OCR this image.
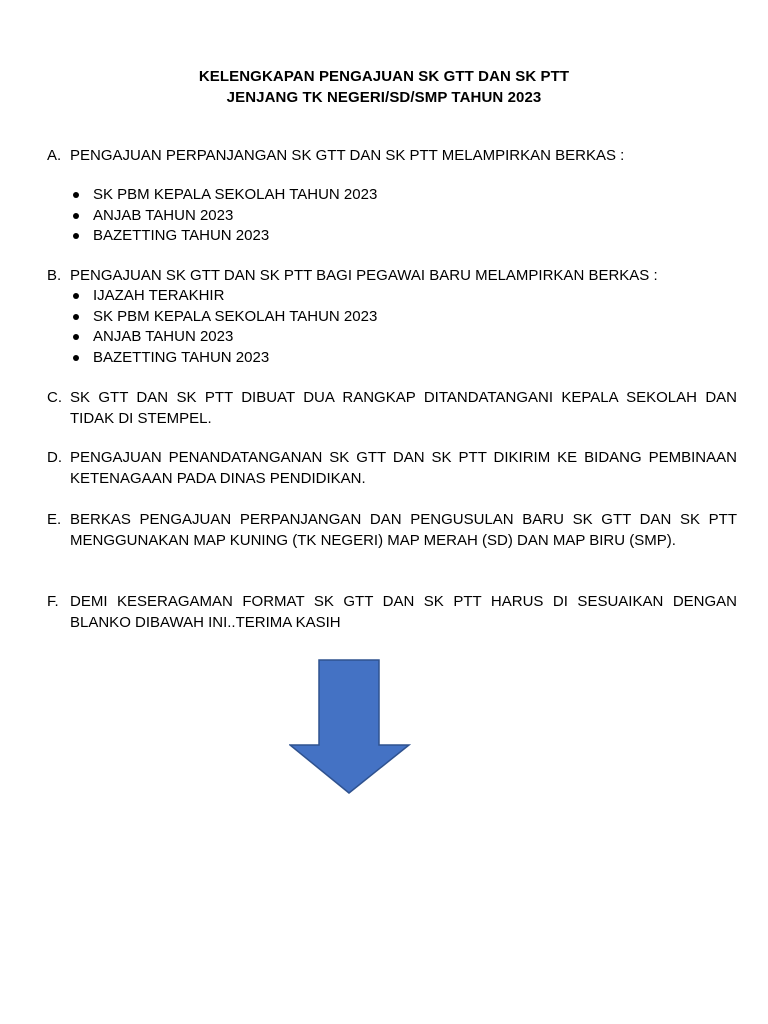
KELENGKAPAN PENGAJUAN SK GTT DAN SK PTT
JENJANG TK NEGERI/SD/SMP TAHUN 2023
A. PENGAJUAN PERPANJANGAN SK GTT DAN SK PTT MELAMPIRKAN BERKAS :
SK PBM KEPALA SEKOLAH TAHUN 2023
ANJAB TAHUN 2023
BAZETTING TAHUN 2023
B. PENGAJUAN SK GTT DAN SK PTT BAGI PEGAWAI BARU MELAMPIRKAN BERKAS :
IJAZAH TERAKHIR
SK PBM KEPALA SEKOLAH TAHUN 2023
ANJAB TAHUN 2023
BAZETTING TAHUN 2023
C. SK GTT DAN SK PTT DIBUAT DUA RANGKAP DITANDATANGANI KEPALA SEKOLAH DAN TIDAK DI STEMPEL.
D. PENGAJUAN PENANDATANGANAN SK GTT DAN SK PTT DIKIRIM KE BIDANG PEMBINAAN KETENAGAAN PADA DINAS PENDIDIKAN.
E. BERKAS PENGAJUAN PERPANJANGAN DAN PENGUSULAN BARU SK GTT DAN SK PTT MENGGUNAKAN MAP KUNING (TK NEGERI) MAP MERAH (SD) DAN MAP BIRU (SMP).
F. DEMI KESERAGAMAN FORMAT SK GTT DAN SK PTT HARUS DI SESUAIKAN DENGAN BLANKO DIBAWAH INI..TERIMA KASIH
